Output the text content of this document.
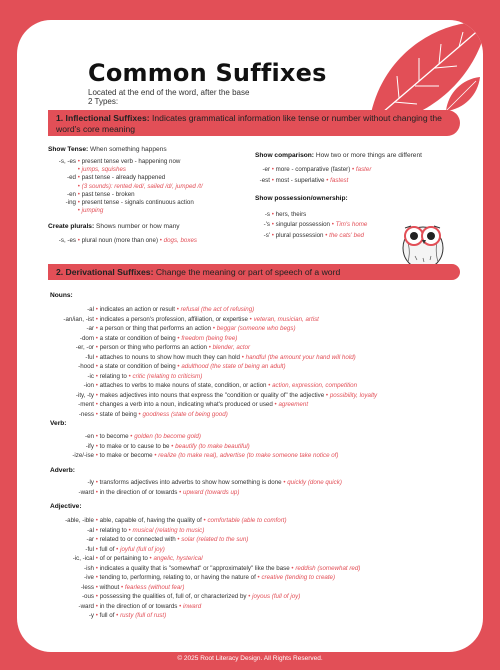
Common Suffixes
Located at the end of the word, after the base
2 Types:
1. Inflectional Suffixes: Indicates grammatical information like tense or number without changing the word's core meaning
Show Tense: When something happens
-s, -es • present tense verb - happening now
• jumps, squishes
-ed • past tense - already happened
• (3 sounds): rented /ed/, sailed /d/, jumped /t/
-en • past tense - broken
-ing • present tense - signals continuous action
• jumping
Create plurals: Shows number or how many
-s, -es • plural noun (more than one) • dogs, boxes
Show comparison: How two or more things are different
-er • more - comparative (faster) • faster
-est • most - superlative • fastest
Show possession/ownership:
-s • hers, theirs
-'s • singular possession • Tim's home
-s' • plural possession • the cats' bed
2. Derivational Suffixes: Change the meaning or part of speech of a word
Nouns:
-al • indicates an action or result • refusal (the act of refusing)
-an/ian, -ist • indicates a person's profession, affiliation, or expertise • veteran, musician, artist
-ar • a person or thing that performs an action • beggar (someone who begs)
-dom • a state or condition of being • freedom (being free)
-er, -or • person or thing who performs an action • blender, actor
-ful • attaches to nouns to show how much they can hold • handful (the amount your hand will hold)
-hood • a state or condition of being • adulthood (the state of being an adult)
-ic • relating to • critic (relating to criticism)
-ion • attaches to verbs to make nouns of state, condition, or action • action, expression, competition
-ity, -ty • makes adjectives into nouns that express the "condition or quality of" the adjective • possibility, loyalty
-ment • changes a verb into a noun, indicating what's produced or used • agreement
-ness • state of being • goodness (state of being good)
Verb:
-en • to become • golden (to become gold)
-ify • to make or to cause to be • beautify (to make beautiful)
-ize/-ise • to make or become • realize (to make real), advertise (to make someone take notice of)
Adverb:
-ly • transforms adjectives into adverbs to show how something is done • quickly (done quick)
-ward • in the direction of or towards • upward (towards up)
Adjective:
-able, -ible • able, capable of, having the quality of • comfortable (able to comfort)
-al • relating to • musical (relating to music)
-ar • related to or connected with • solar (related to the sun)
-ful • full of • joyful (full of joy)
-ic, -ical • of or pertaining to • angelic, hysterical
-ish • indicates a quality that is "somewhat" or "approximately" like the base • reddish (somewhat red)
-ive • tending to, performing, relating to, or having the nature of • creative (tending to create)
-less • without • fearless (without fear)
-ous • possessing the qualities of, full of, or characterized by • joyous (full of joy)
-ward • in the direction of or towards • inward
-y • full of • rusty (full of rust)
© 2025 Root Literacy Design. All Rights Reserved.
